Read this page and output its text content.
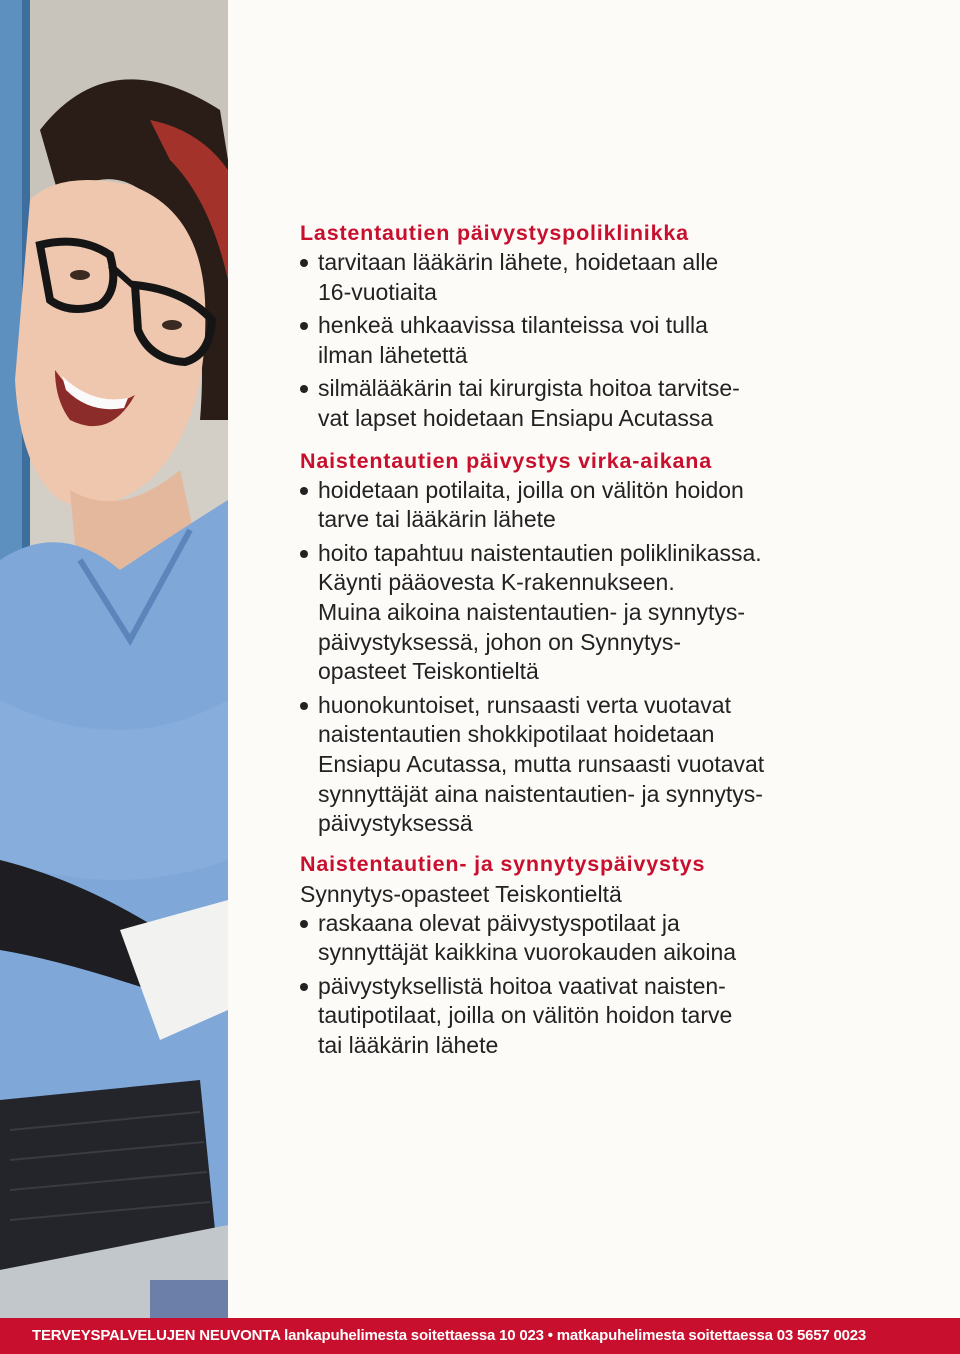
Lastentautien päivystyspoliklinikka
tarvitaan lääkärin lähete, hoidetaan alle
16-vuotiaita
henkeä uhkaavissa tilanteissa voi tulla
ilman lähetettä
silmälääkärin tai kirurgista hoitoa tarvitse-
vat lapset hoidetaan Ensiapu Acutassa
Naistentautien päivystys virka-aikana
hoidetaan potilaita, joilla on välitön hoidon
tarve tai lääkärin lähete
hoito tapahtuu naistentautien poliklinikassa.
Käynti pääovesta K-rakennukseen.
Muina aikoina naistentautien- ja synnytys-
päivystyksessä, johon on Synnytys-
opasteet Teiskontieltä
huonokuntoiset, runsaasti verta vuotavat
naistentautien shokkipotilaat hoidetaan
Ensiapu Acutassa, mutta runsaasti vuotavat
synnyttäjät aina naistentautien- ja synnytys-
päivystyksessä
Naistentautien- ja synnytyspäivystys

Synnytys-opasteet Teiskontieltä

raskaana olevat päivystyspotilaat ja
synnyttäjät kaikkina vuorokauden aikoina
päivystyksellistä hoitoa vaativat naisten-
tautipotilaat, joilla on välitön hoidon tarve
tai lääkärin lähete
TERVEYSPALVELUJEN NEUVONTA lankapuhelimesta soitettaessa 10 023 • matkapuhelimesta soitettaessa 03 5657 0023
